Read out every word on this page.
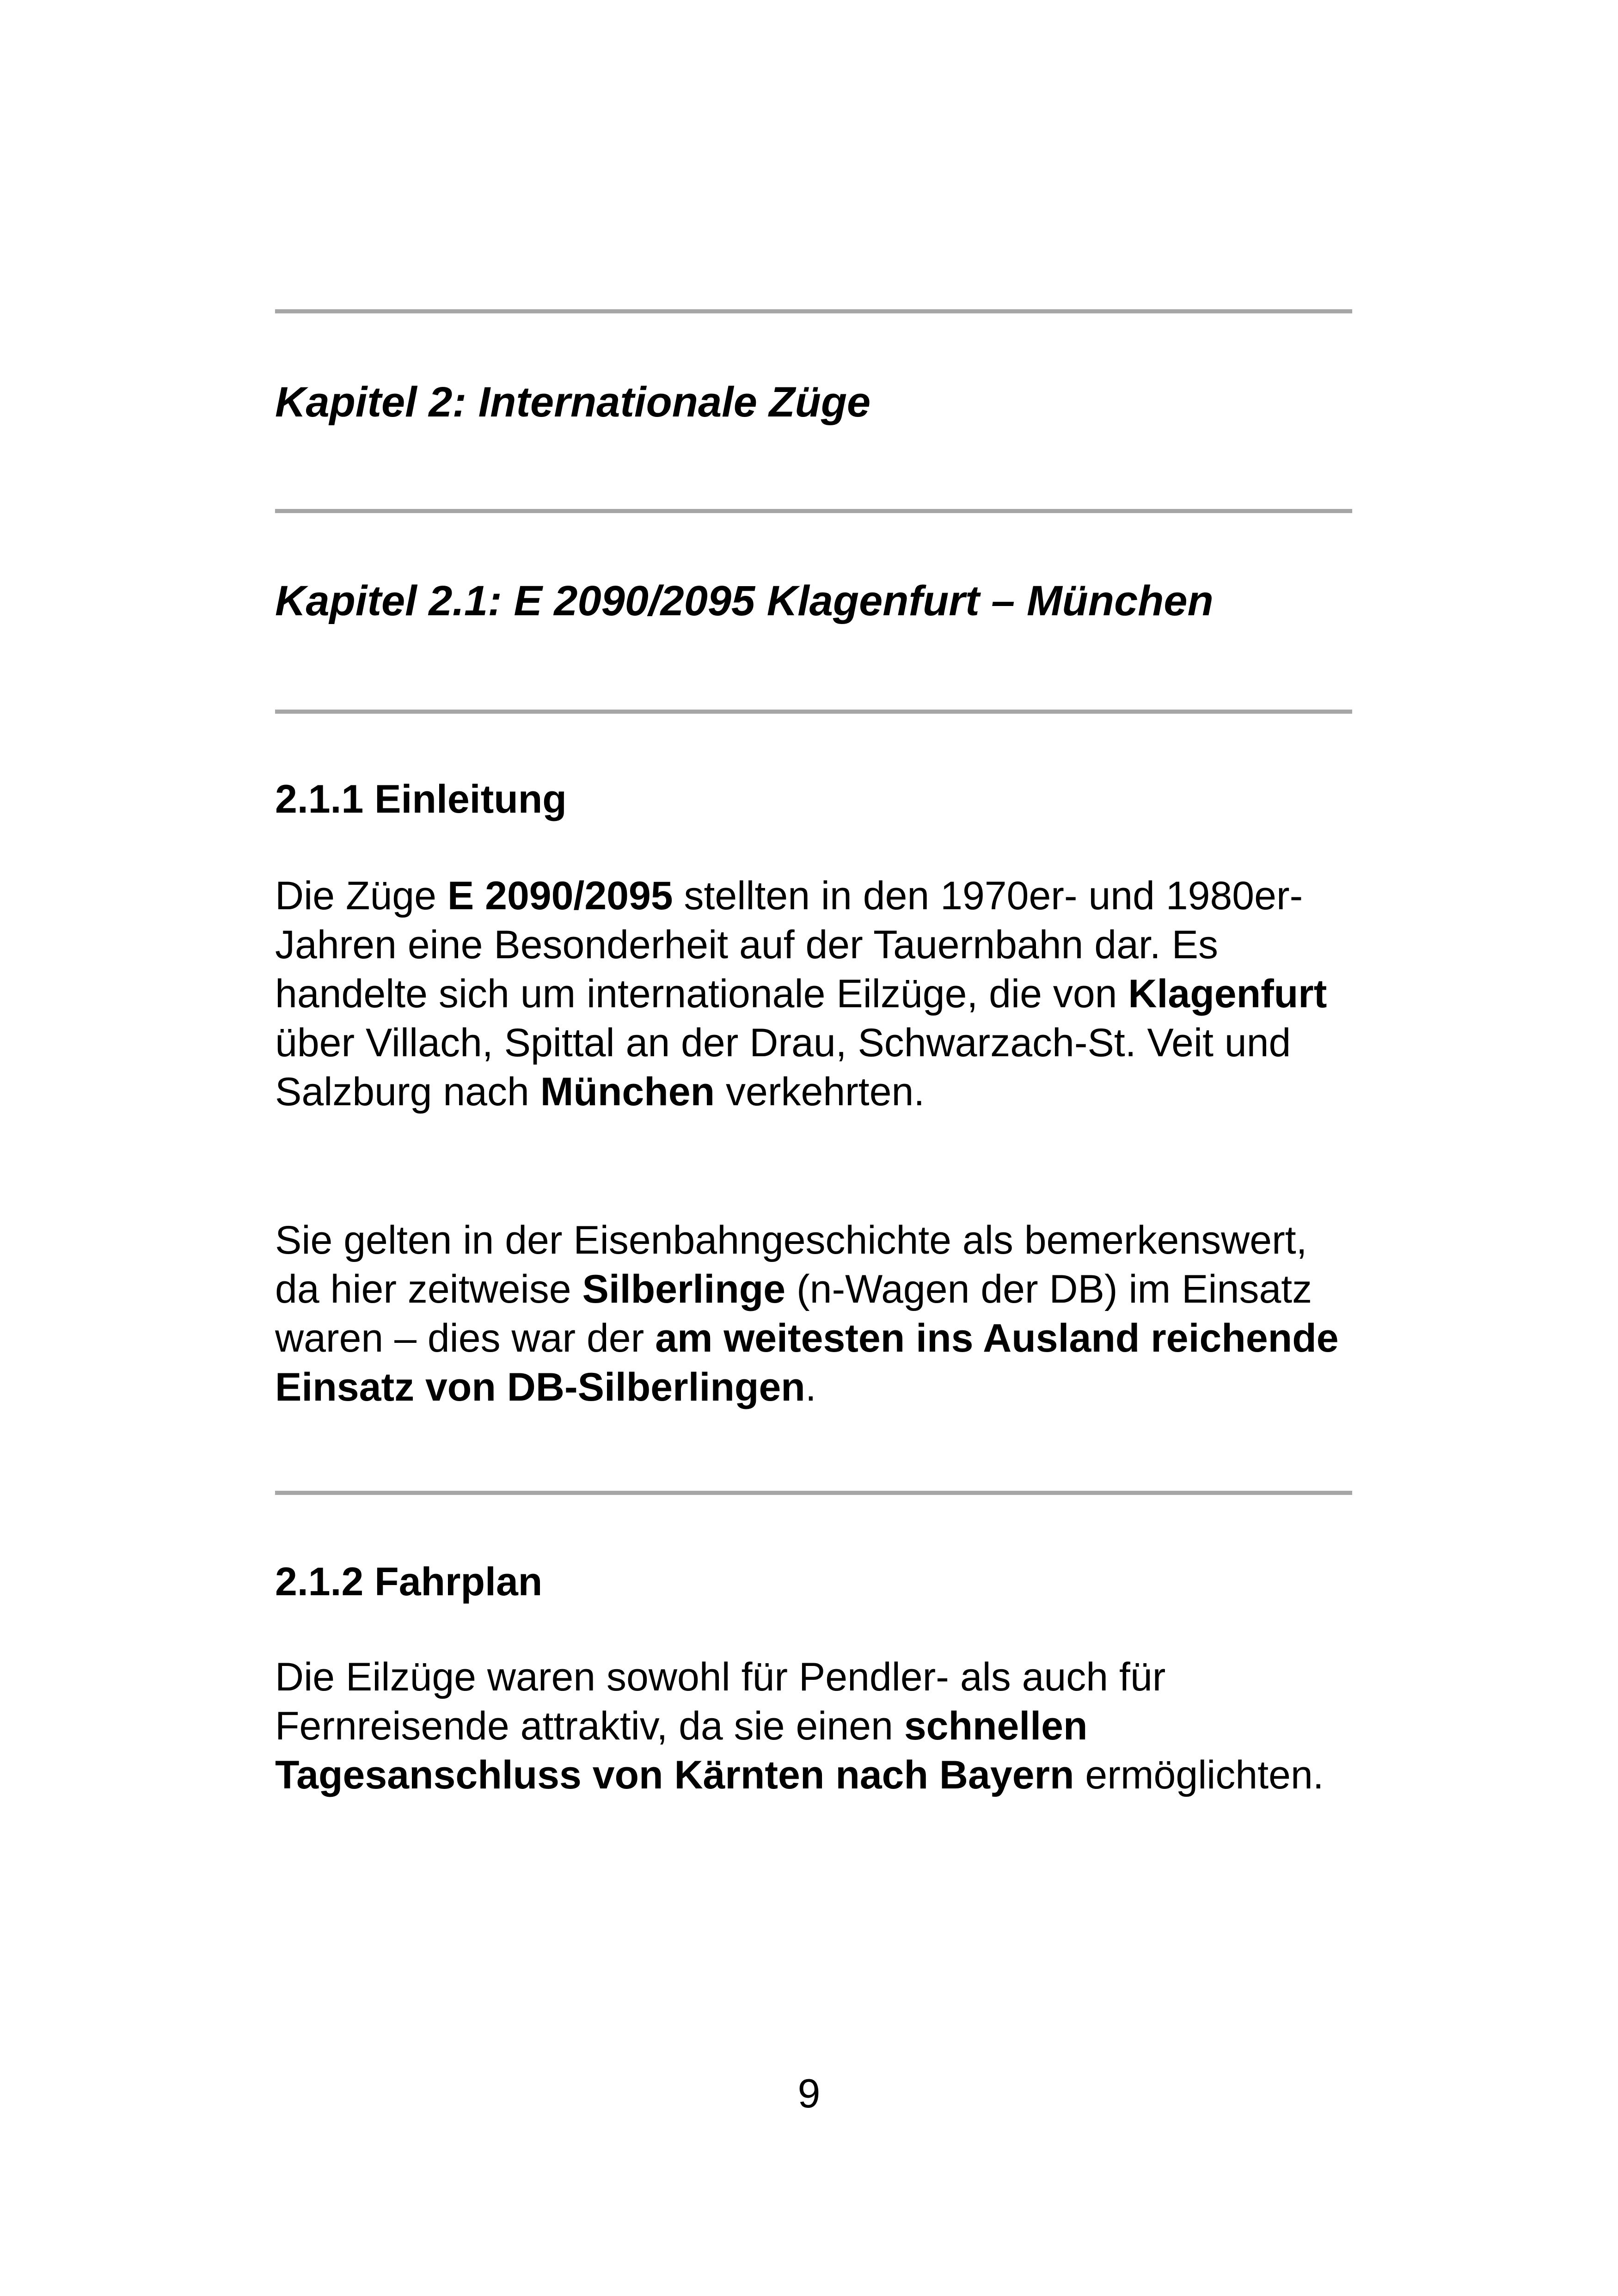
Kapitel 2: Internationale Züge
Kapitel 2.1: E 2090/2095 Klagenfurt – München
2.1.1 Einleitung

Die Züge E 2090/2095 stellten in den 1970er- und 1980er-Jahren eine Besonderheit auf der Tauernbahn dar. Es handelte sich um internationale Eilzüge, die von Klagenfurt über Villach, Spittal an der Drau, Schwarzach-St. Veit und Salzburg nach München verkehrten.

Sie gelten in der Eisenbahngeschichte als bemerkenswert, da hier zeitweise Silberlinge (n-Wagen der DB) im Einsatz waren – dies war der am weitesten ins Ausland reichende Einsatz von DB-Silberlingen.

2.1.2 Fahrplan

Die Eilzüge waren sowohl für Pendler- als auch für Fernreisende attraktiv, da sie einen schnellen Tagesanschluss von Kärnten nach Bayern ermöglichten.

9
